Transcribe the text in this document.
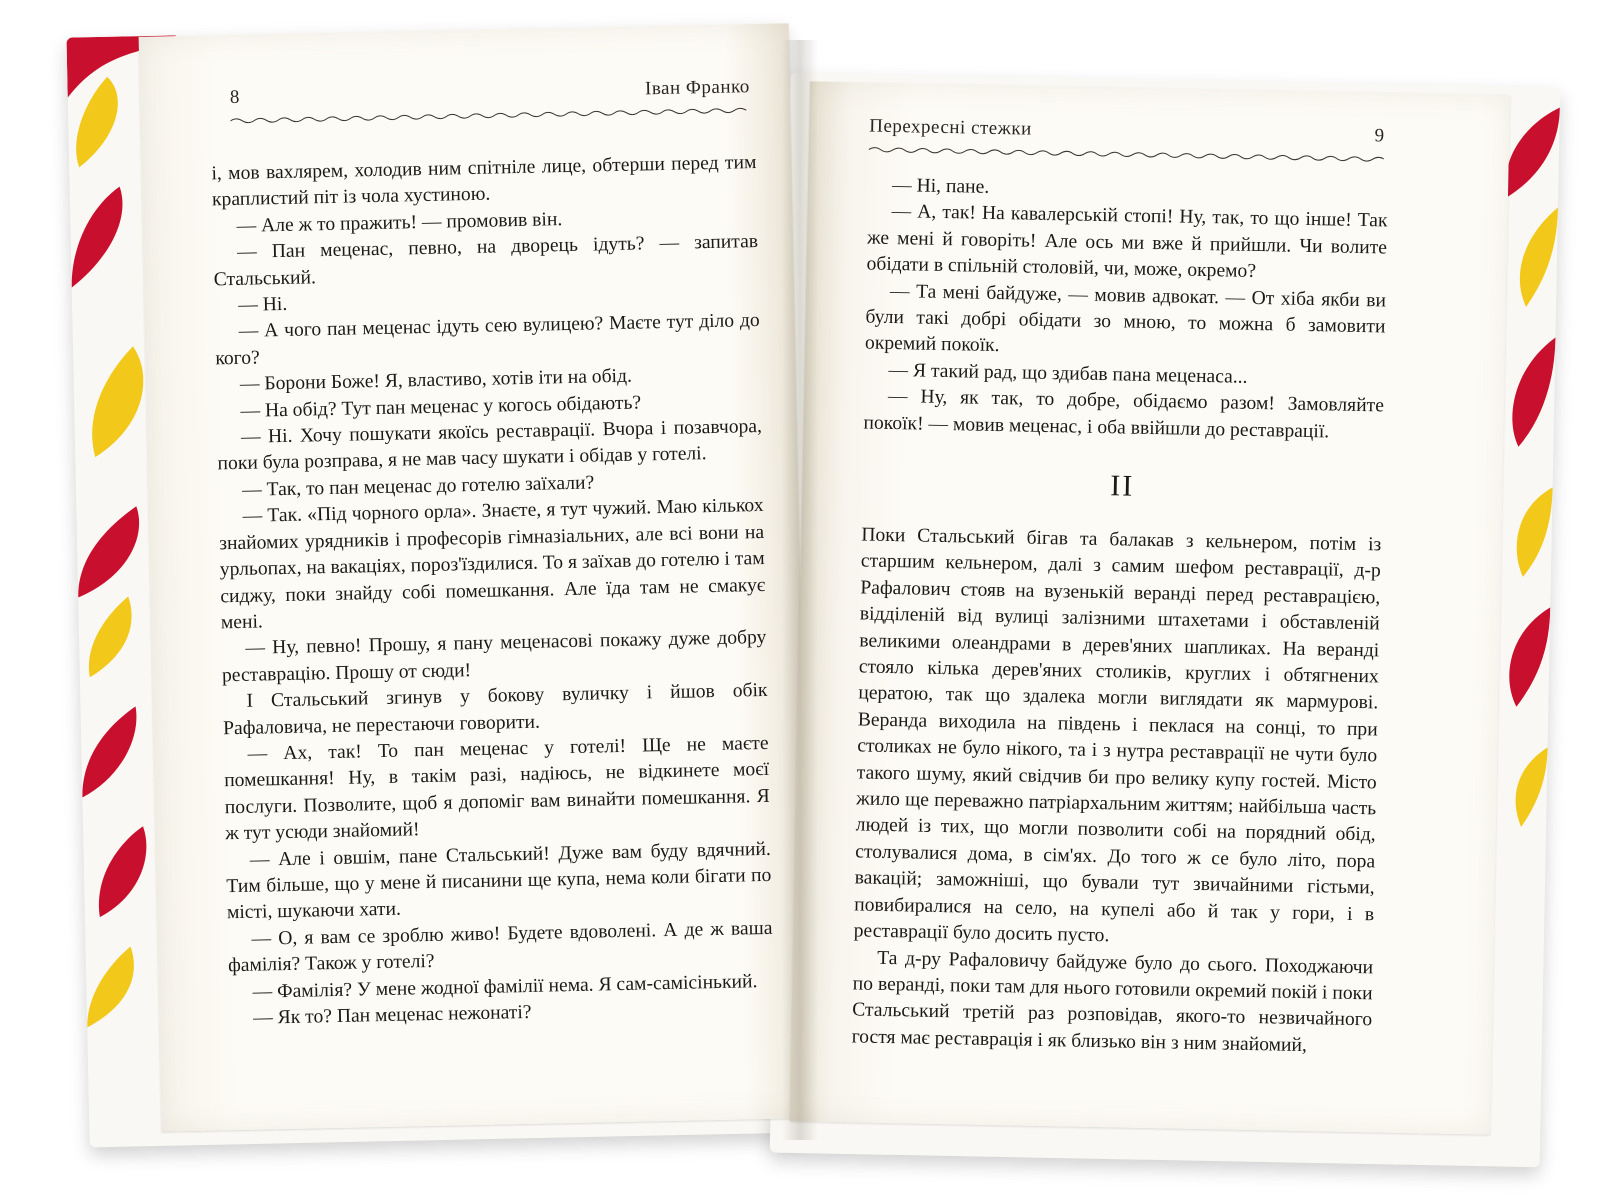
8	Іван Франко

і, мов вахлярем, холодив ним спітніле лице, обтерши перед тим краплистий піт із чола хустиною.

— Але ж то пражить! — промовив він.

— Пан меценас, певно, на дворець ідуть? — запитав Стальський.

— Ні.

— А чого пан меценас ідуть сею вулицею? Маєте тут діло до кого?

— Борони Боже! Я, властиво, хотів іти на обід.

— На обід? Тут пан меценас у когось обідають?

— Ні. Хочу пошукати якоїсь реставрації. Вчора і позавчора, поки була розправа, я не мав часу шукати і обідав у готелі.

— Так, то пан меценас до готелю заїхали?

— Так. «Під чорного орла». Знаєте, я тут чужий. Маю кількох знайомих урядників і професорів гімназіальних, але всі вони на урльопах, на вакаціях, пороз'їздилися. То я заїхав до готелю і там сиджу, поки знайду собі помешкання. Але їда там не смакує мені.

— Ну, певно! Прошу, я пану меценасові покажу дуже добру реставрацію. Прошу от сюди!

І Стальський згинув у бокову вуличку і йшов обік Рафаловича, не перестаючи говорити.

— Ах, так! То пан меценас у готелі! Ще не маєте помешкання! Ну, в такім разі, надіюсь, не відкинете моєї послуги. Позволите, щоб я допоміг вам винайти помешкання. Я ж тут усюди знайомий!

— Але і овшім, пане Стальський! Дуже вам буду вдячний. Тим більше, що у мене й писанини ще купа, нема коли бігати по місті, шукаючи хати.

— О, я вам се зроблю живо! Будете вдоволені. А де ж ваша фамілія? Також у готелі?

— Фамілія? У мене жодної фамілії нема. Я сам-самісінький.

— Як то? Пан меценас нежонаті?

Перехресні стежки	9

— Ні, пане.

— А, так! На кавалерській стопі! Ну, так, то що інше! Так же мені й говоріть! Але ось ми вже й прийшли. Чи волите обідати в спільній столовій, чи, може, окремо?

— Та мені байдуже, — мовив адвокат. — От хіба якби ви були такі добрі обідати зо мною, то можна б замовити окремий покоїк.

— Я такий рад, що здибав пана меценаса...

— Ну, як так, то добре, обідаємо разом! Замовляйте покоїк! — мовив меценас, і оба ввійшли до реставрації.

II

Поки Стальський бігав та балакав з кельнером, потім із старшим кельнером, далі з самим шефом реставрації, д-р Рафалович стояв на вузенькій веранді перед реставрацією, відділеній від вулиці залізними штахетами і обставленій великими олеандрами в дерев'яних шапликах. На веранді стояло кілька дерев'яних столиків, круглих і обтягнених цератою, так що здалека могли виглядати як мармурові. Веранда виходила на південь і пеклася на сонці, то при столиках не було нікого, та і з нутра реставрації не чути було такого шуму, який свідчив би про велику купу гостей. Місто жило ще переважно патріархальним життям; найбільша часть людей із тих, що могли позволити собі на порядний обід, столувалися дома, в сім'ях. До того ж се було літо, пора вакацій; заможніші, що бували тут звичайними гістьми, повибиралися на село, на купелі або й так у гори, і в реставрації було досить пусто.

Та д-ру Рафаловичу байдуже було до сього. Походжаючи по веранді, поки там для нього готовили окремий покій і поки Стальський третій раз розповідав, якого-то незвичайного гостя має реставрація і як близько він з ним знайомий,
